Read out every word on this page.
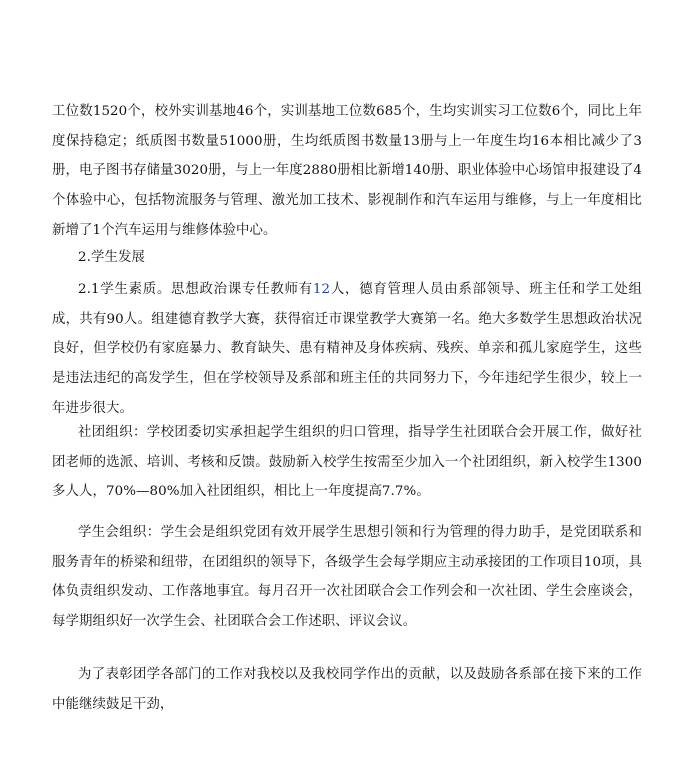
工位数1520个，校外实训基地46个，实训基地工位数685个，生均实训实习工位数6个，同比上年度保持稳定；纸质图书数量51000册，生均纸质图书数量13册与上一年度生均16本相比减少了3册，电子图书存储量3020册，与上一年度2880册相比新增140册、职业体验中心场馆申报建设了4个体验中心，包括物流服务与管理、激光加工技术、影视制作和汽车运用与维修，与上一年度相比新增了1个汽车运用与维修体验中心。

2.学生发展

2.1学生素质。思想政治课专任教师有12人，德育管理人员由系部领导、班主任和学工处组成，共有90人。组建德育教学大赛，获得宿迁市课堂教学大赛第一名。绝大多数学生思想政治状况良好，但学校仍有家庭暴力、教育缺失、患有精神及身体疾病、残疾、单亲和孤儿家庭学生，这些是违法违纪的高发学生，但在学校领导及系部和班主任的共同努力下，今年违纪学生很少，较上一年进步很大。

社团组织：学校团委切实承担起学生组织的归口管理，指导学生社团联合会开展工作，做好社团老师的选派、培训、考核和反馈。鼓励新入校学生按需至少加入一个社团组织，新入校学生1300多人人，70%—80%加入社团组织，相比上一年度提高7.7%。

学生会组织：学生会是组织党团有效开展学生思想引领和行为管理的得力助手，是党团联系和服务青年的桥梁和纽带，在团组织的领导下，各级学生会每学期应主动承接团的工作项目10项，具体负责组织发动、工作落地事宜。每月召开一次社团联合会工作列会和一次社团、学生会座谈会，每学期组织好一次学生会、社团联合会工作述职、评议会议。

为了表彰团学各部门的工作对我校以及我校同学作出的贡献，以及鼓励各系部在接下来的工作中能继续鼓足干劲，
